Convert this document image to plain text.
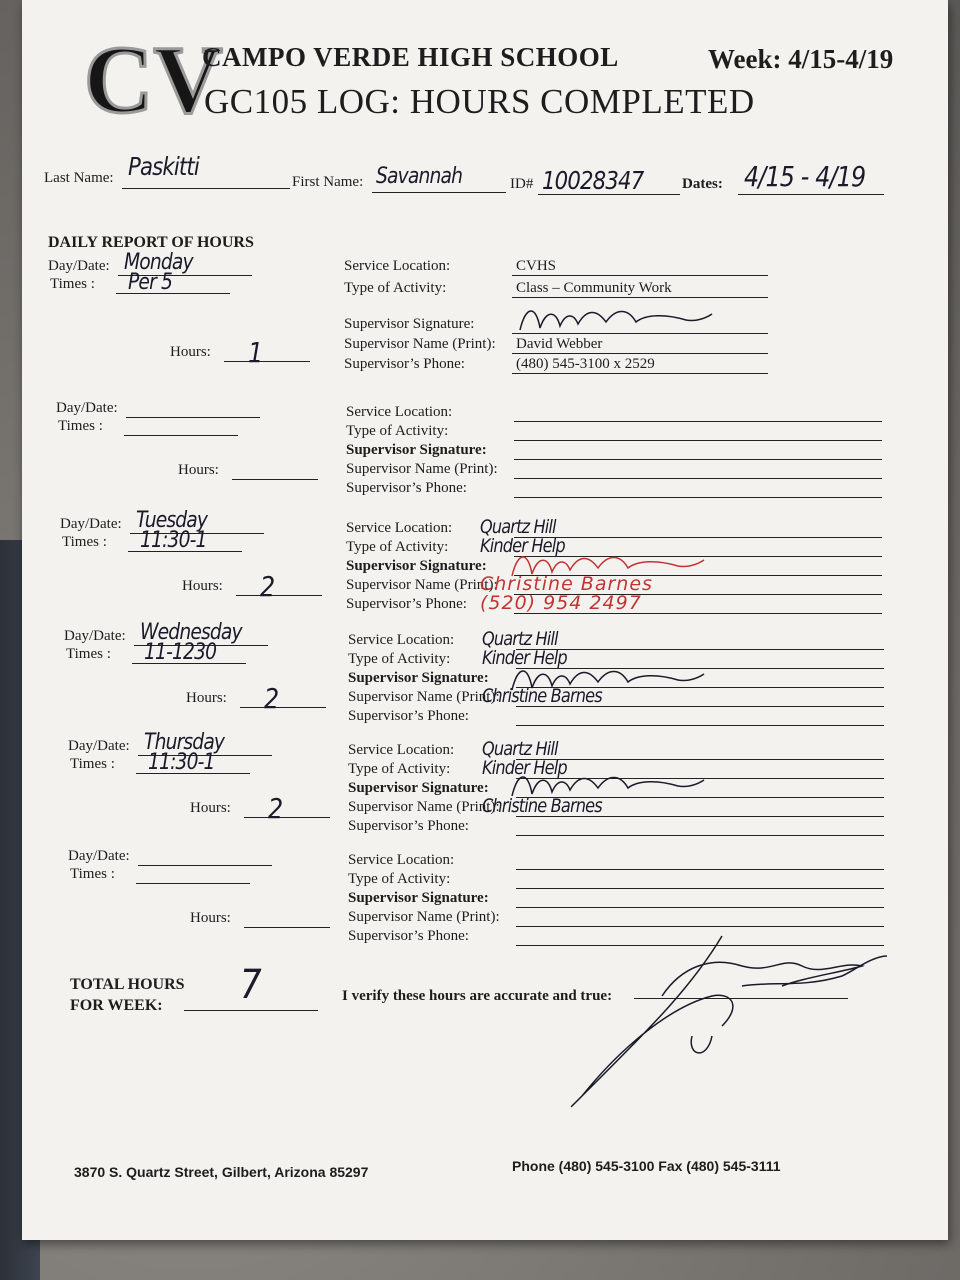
CV
CAMPO VERDE HIGH SCHOOL	Week: 4/15-4/19
GC105 LOG: HOURS COMPLETED
Last Name: Paskitti
First Name: Savannah	ID# 10028347	Dates: 4/15 - 4/19
DAILY REPORT OF HOURS
Day/Date: Monday
Times : Per 5
Hours: 1
Service Location:	CVHS
Type of Activity:	Class – Community Work
Supervisor Signature:
Supervisor Name (Print): David Webber
Supervisor’s Phone:	(480) 545-3100 x 2529
Day/Date:
Times :
Hours:
Service Location:
Type of Activity:
Supervisor Signature:
Supervisor Name (Print):
Supervisor’s Phone:
Day/Date: Tuesday
Times : 11:30-1
Hours: 2
Service Location: Quartz Hill
Type of Activity: Kinder Help
Supervisor Signature:
Supervisor Name (Print):
Christine Barnes
Supervisor’s Phone: (520) 954 2497
Day/Date: Wednesday
Times : 11-1230
Hours: 2
Service Location: Quartz Hill
Type of Activity: Kinder Help
Supervisor Signature:
Supervisor Name (Print):
Christine Barnes
Supervisor’s Phone:
Day/Date: Thursday
Times : 11:30-1
Hours: 2
Service Location: Quartz Hill
Type of Activity: Kinder Help
Supervisor Signature:
Supervisor Name (Print):
Christine Barnes
Supervisor’s Phone:
Day/Date:
Times :
Hours:
Service Location:
Type of Activity:
Supervisor Signature:
Supervisor Name (Print):
Supervisor’s Phone:
TOTAL HOURS
FOR WEEK: 7	I verify these hours are accurate and true:
3870 S. Quartz Street, Gilbert, Arizona 85297	Phone (480) 545-3100 Fax (480) 545-3111
